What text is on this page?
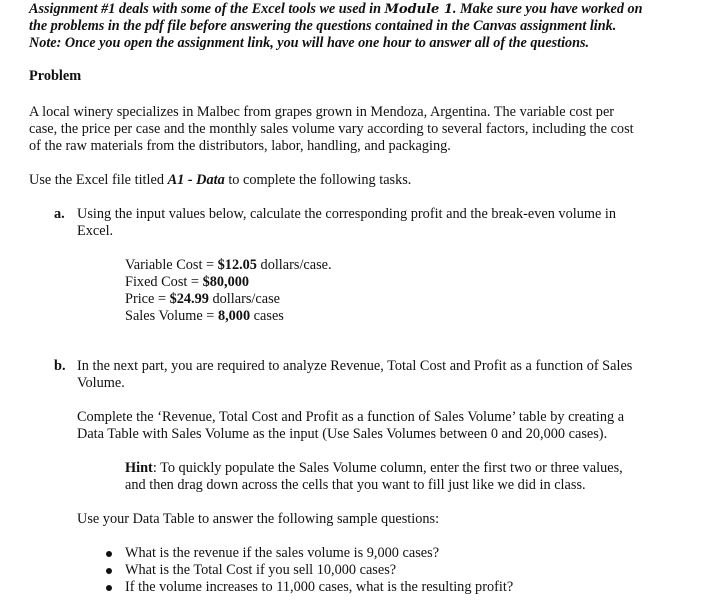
Assignment #1 deals with some of the Excel tools we used in Module 1. Make sure you have worked on
the problems in the pdf file before answering the questions contained in the Canvas assignment link.
Note: Once you open the assignment link, you will have one hour to answer all of the questions.
Problem
A local winery specializes in Malbec from grapes grown in Mendoza, Argentina. The variable cost per
case, the price per case and the monthly sales volume vary according to several factors, including the cost
of the raw materials from the distributors, labor, handling, and packaging.
Use the Excel file titled A1 - Data to complete the following tasks.
a. Using the input values below, calculate the corresponding profit and the break-even volume in
Excel.
Variable Cost = $12.05 dollars/case.
Fixed Cost = $80,000
Price = $24.99 dollars/case
Sales Volume = 8,000 cases
b. In the next part, you are required to analyze Revenue, Total Cost and Profit as a function of Sales
Volume.
Complete the ‘Revenue, Total Cost and Profit as a function of Sales Volume’ table by creating a
Data Table with Sales Volume as the input (Use Sales Volumes between 0 and 20,000 cases).
Hint: To quickly populate the Sales Volume column, enter the first two or three values,
and then drag down across the cells that you want to fill just like we did in class.
Use your Data Table to answer the following sample questions:
What is the revenue if the sales volume is 9,000 cases?
What is the Total Cost if you sell 10,000 cases?
If the volume increases to 11,000 cases, what is the resulting profit?
